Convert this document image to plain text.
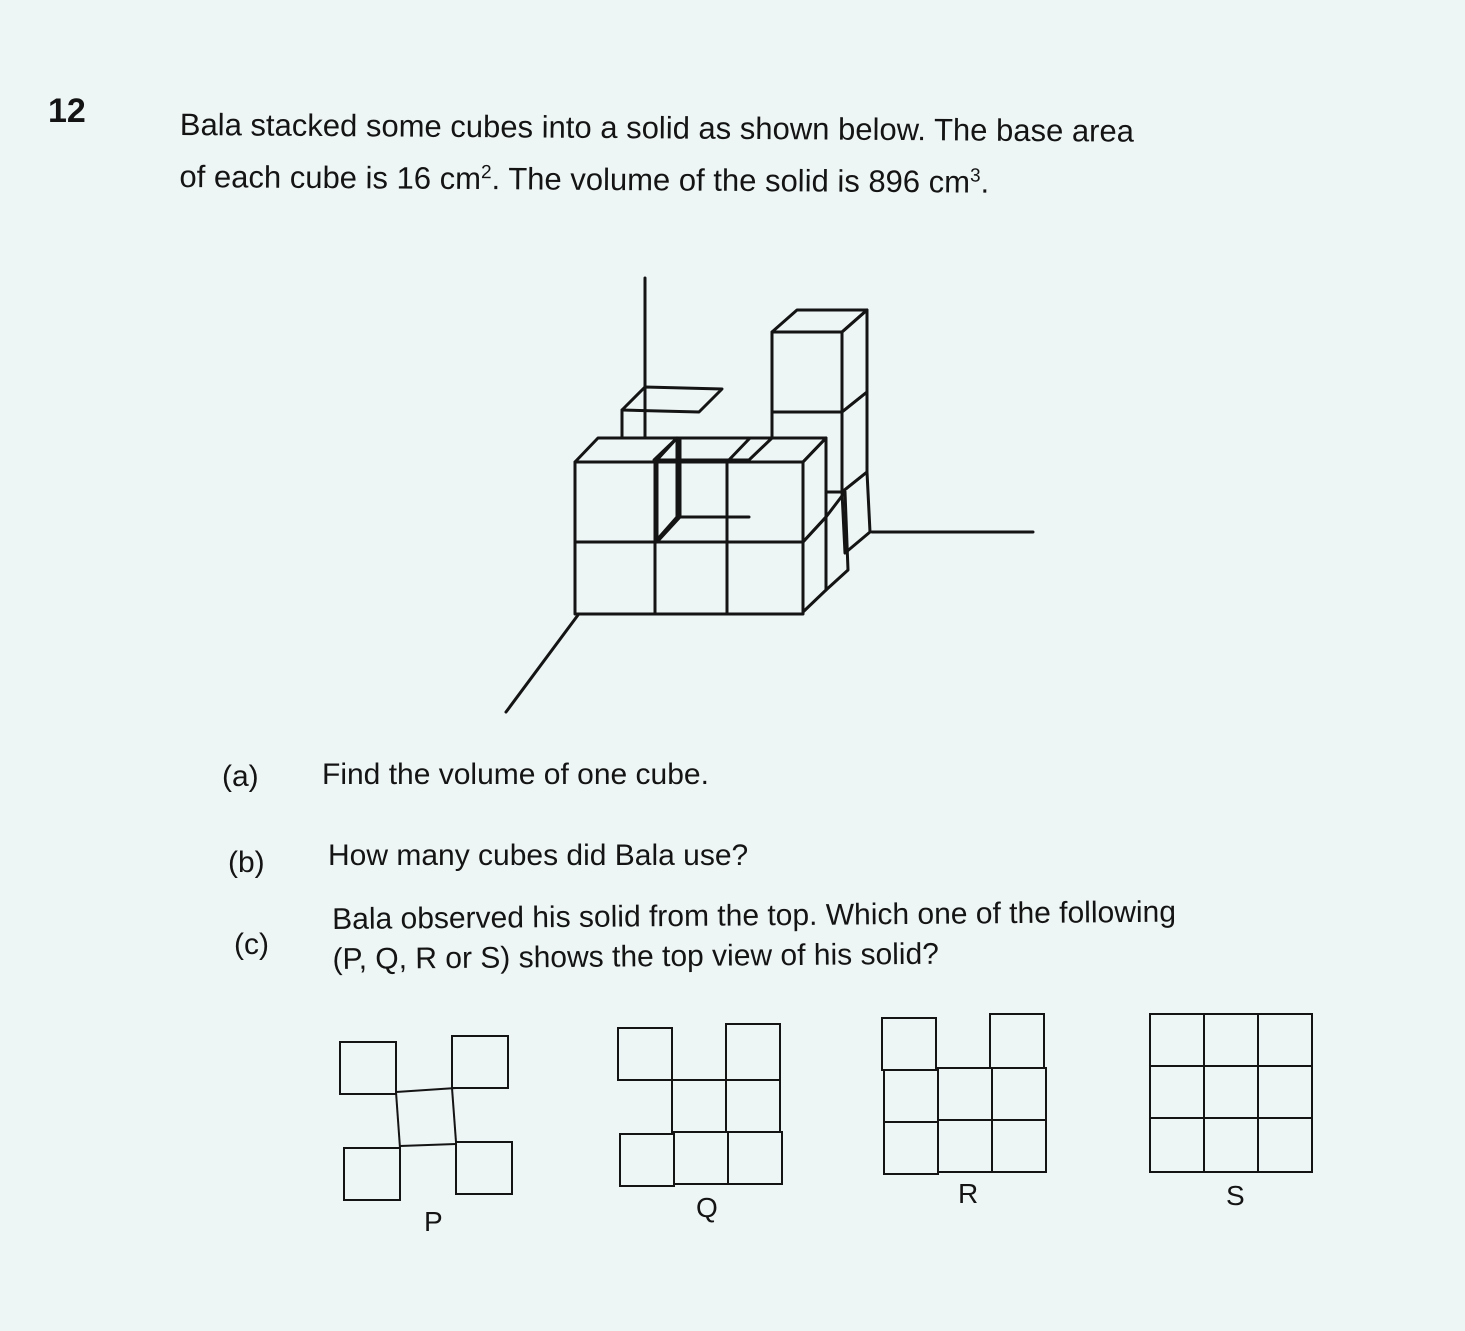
12	Bala stacked some cubes into a solid as shown below. The base area
of each cube is 16 $cm^2$. The volume of the solid is 896 $cm^3$.
(a) Find the volume of one cube.
(b) How many cubes did Bala use?
(c)
Bala observed his solid from the top. Which one of the following
(P, Q, R or S) shows the top view of his solid?
P	Q	R	S
